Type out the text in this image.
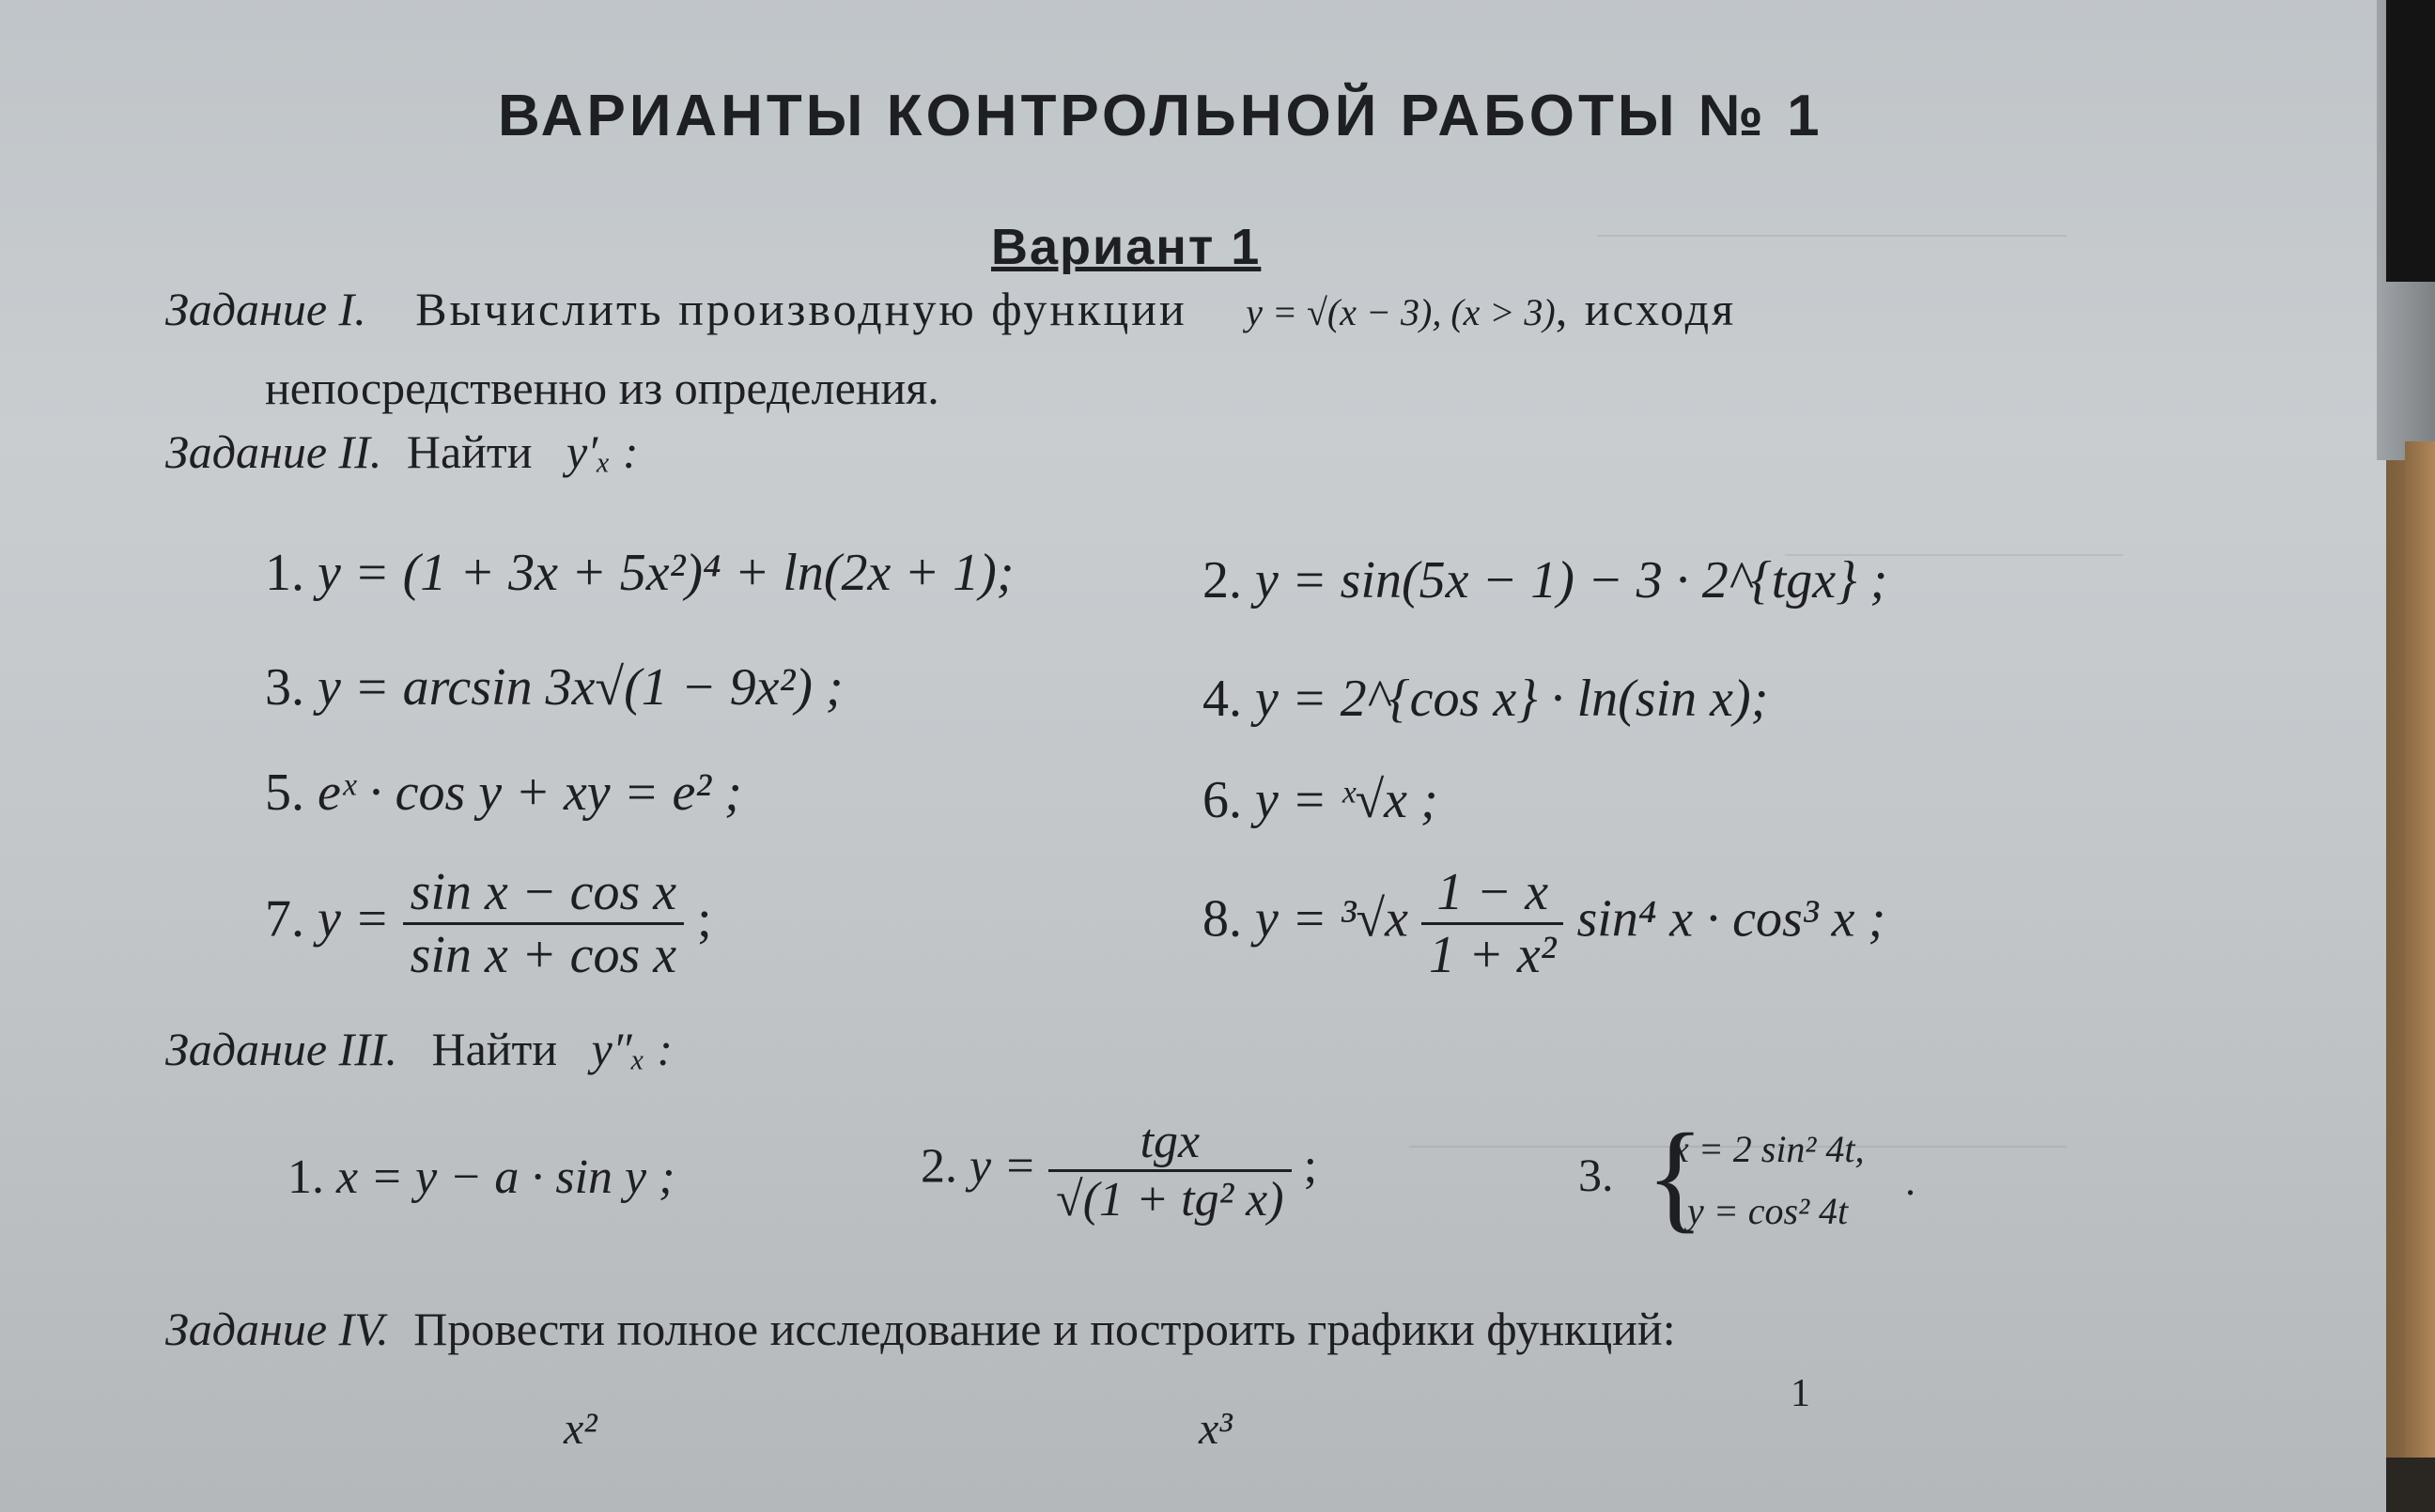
ВАРИАНТЫ КОНТРОЛЬНОЙ РАБОТЫ № 1
Вариант 1
Задание I. Вычислить производную функции y = √(x − 3), (x > 3), исходя
непосредственно из определения.
Задание II. Найти y′ₓ :
1. y = (1 + 3x + 5x²)⁴ + ln(2x + 1);	2. y = sin(5x − 1) − 3 · 2^{tgx} ;
3. y = arcsin 3x√(1 − 9x²) ;	4. y = 2^{cos x} · ln(sin x);
5. eˣ · cos y + xy = e² ;	6. y = ˣ√x ;
7. $y = \frac{\text{sin x − cos x}}{\text{sin x + cos x}}$ ;	8. $y = ^3√x \frac{1 - x}{\text{1 + x²}} \sin^4$ x · cos³ x ;
Задание III. Найти y″ₓ :
1. x = y − a · sin y ;	2. $y = \frac{\text{tgx}}{\text{√(1 + tg² x)}}$ ;	3. {
x = 2 sin² 4t,
y = cos² 4t
.
Задание IV. Провести полное исследование и построить графики функций:
x²	x³
1
